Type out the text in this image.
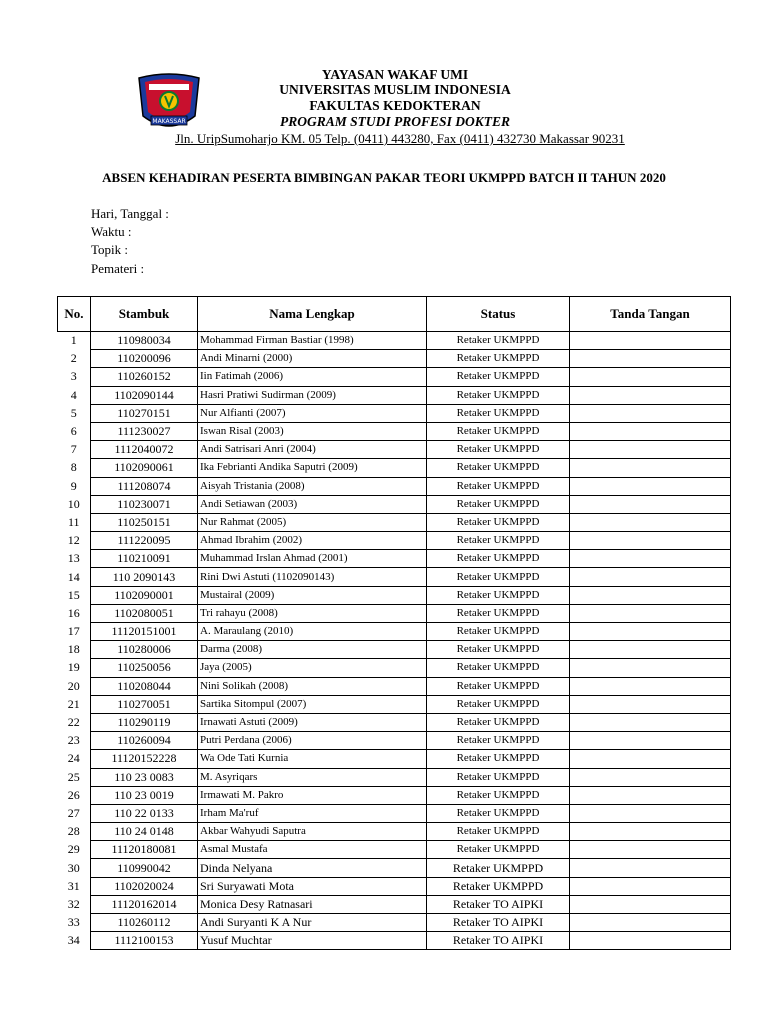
MAKASSAR
YAYASAN WAKAF UMI
UNIVERSITAS MUSLIM INDONESIA
FAKULTAS KEDOKTERAN
PROGRAM STUDI PROFESI DOKTER
Jln. UripSumoharjo KM. 05 Telp. (0411) 443280, Fax (0411) 432730 Makassar 90231
ABSEN KEHADIRAN PESERTA BIMBINGAN PAKAR TEORI UKMPPD BATCH II TAHUN 2020
Hari, Tanggal :
Waktu :
Topik :
Pemateri :
No.	Stambuk	Nama Lengkap	Status	Tanda Tangan
1	110980034	Mohammad Firman Bastiar (1998)	Retaker UKMPPD	
2	110200096	Andi Minarni (2000)	Retaker UKMPPD	
3	110260152	Iin Fatimah (2006)	Retaker UKMPPD	
4	1102090144	Hasri Pratiwi Sudirman (2009)	Retaker UKMPPD	
5	110270151	Nur Alfianti (2007)	Retaker UKMPPD	
6	111230027	Iswan Risal (2003)	Retaker UKMPPD	
7	1112040072	Andi Satrisari Anri (2004)	Retaker UKMPPD	
8	1102090061	Ika Febrianti Andika Saputri (2009)	Retaker UKMPPD	
9	111208074	Aisyah Tristania (2008)	Retaker UKMPPD	
10	110230071	Andi Setiawan (2003)	Retaker UKMPPD	
11	110250151	Nur Rahmat (2005)	Retaker UKMPPD	
12	111220095	Ahmad Ibrahim (2002)	Retaker UKMPPD	
13	110210091	Muhammad Irslan Ahmad (2001)	Retaker UKMPPD	
14	110 2090143	Rini Dwi Astuti (1102090143)	Retaker UKMPPD	
15	1102090001	Mustairal (2009)	Retaker UKMPPD	
16	1102080051	Tri rahayu (2008)	Retaker UKMPPD	
17	11120151001	A. Maraulang (2010)	Retaker UKMPPD	
18	110280006	Darma (2008)	Retaker UKMPPD	
19	110250056	Jaya (2005)	Retaker UKMPPD	
20	110208044	Nini Solikah (2008)	Retaker UKMPPD	
21	110270051	Sartika Sitompul (2007)	Retaker UKMPPD	
22	110290119	Irnawati Astuti (2009)	Retaker UKMPPD	
23	110260094	Putri Perdana (2006)	Retaker UKMPPD	
24	11120152228	Wa Ode Tati Kurnia	Retaker UKMPPD	
25	110 23 0083	M. Asyriqars	Retaker UKMPPD	
26	110 23 0019	Irmawati M. Pakro	Retaker UKMPPD	
27	110 22 0133	Irham Ma'ruf	Retaker UKMPPD	
28	110 24 0148	Akbar Wahyudi Saputra	Retaker UKMPPD	
29	11120180081	Asmal Mustafa	Retaker UKMPPD	
30	110990042	Dinda Nelyana	Retaker UKMPPD	
31	1102020024	Sri Suryawati Mota	Retaker UKMPPD	
32	11120162014	Monica Desy Ratnasari	Retaker TO AIPKI	
33	110260112	Andi Suryanti K A Nur	Retaker TO AIPKI	
34	1112100153	Yusuf Muchtar	Retaker TO AIPKI	
